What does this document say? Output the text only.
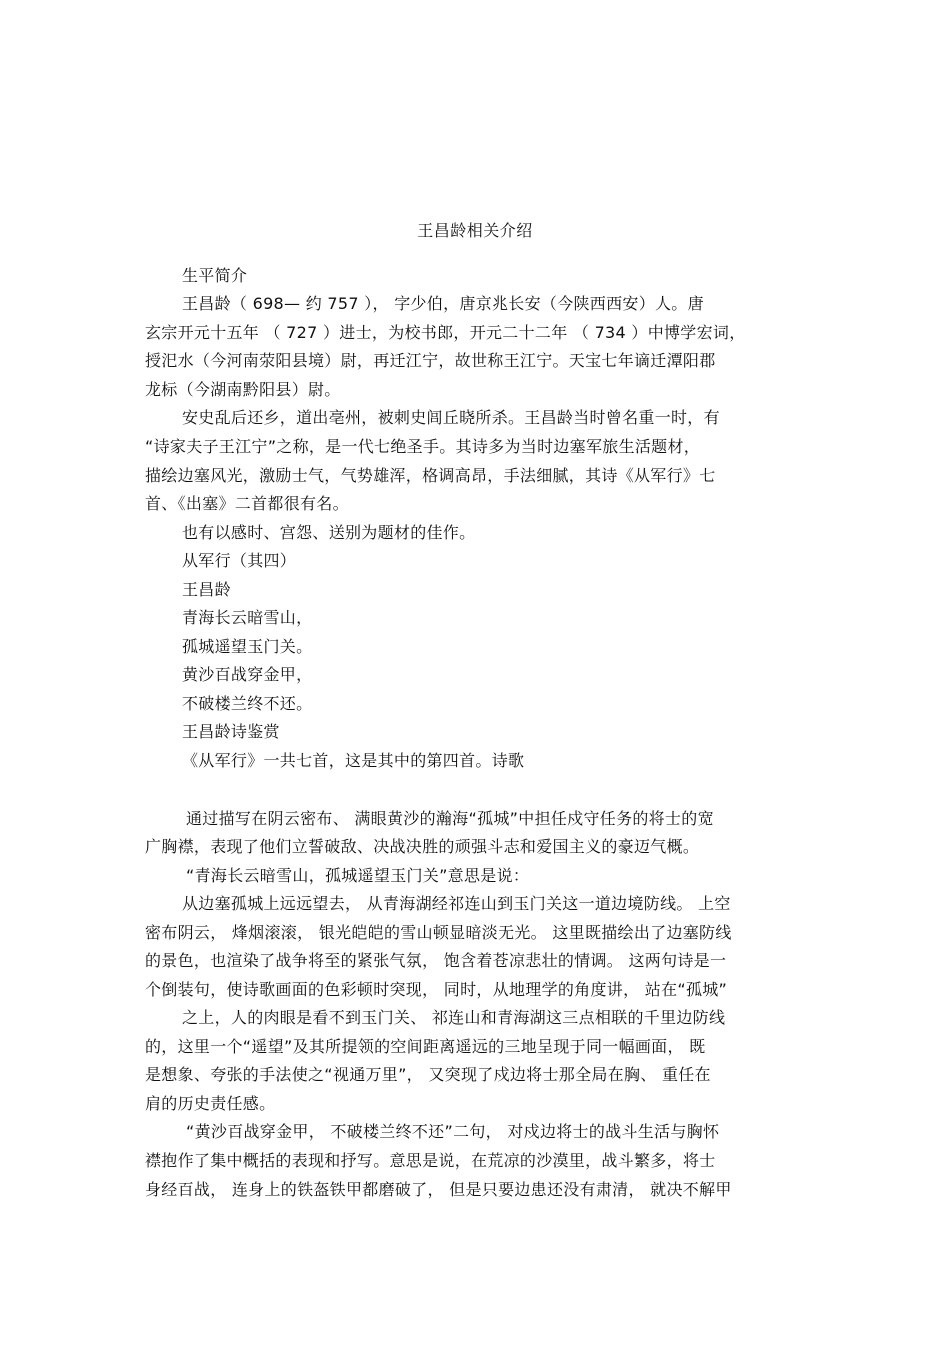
王昌龄相关介绍
生平简介
王昌龄（ 698— 约 757 ）， 字少伯，唐京兆长安（今陕西西安）人。唐
玄宗开元十五年 （ 727 ）进士，为校书郎，开元二十二年 （ 734 ）中博学宏词，
授汜水（今河南荥阳县境）尉，再迁江宁，故世称王江宁。天宝七年谪迁潭阳郡
龙标（今湖南黔阳县）尉。
安史乱后还乡，道出亳州，被刺史闾丘晓所杀。王昌龄当时曾名重一时，有
“诗家夫子王江宁”之称，是一代七绝圣手。其诗多为当时边塞军旅生活题材，
描绘边塞风光，激励士气，气势雄浑，格调高昂，手法细腻，其诗《从军行》七
首、《出塞》二首都很有名。
也有以感时、宫怨、送别为题材的佳作。
从军行（其四）
王昌龄
青海长云暗雪山，
孤城遥望玉门关。
黄沙百战穿金甲，
不破楼兰终不还。
王昌龄诗鉴赏
《从军行》一共七首，这是其中的第四首。诗歌
通过描写在阴云密布、 满眼黄沙的瀚海“孤城”中担任戍守任务的将士的宽
广胸襟，表现了他们立誓破敌、决战决胜的顽强斗志和爱国主义的豪迈气概。
“青海长云暗雪山，孤城遥望玉门关”意思是说：
从边塞孤城上远远望去， 从青海湖经祁连山到玉门关这一道边境防线。 上空
密布阴云， 烽烟滚滚， 银光皑皑的雪山顿显暗淡无光。 这里既描绘出了边塞防线
的景色，也渲染了战争将至的紧张气氛， 饱含着苍凉悲壮的情调。 这两句诗是一
个倒装句，使诗歌画面的色彩顿时突现， 同时，从地理学的角度讲， 站在“孤城”
之上，人的肉眼是看不到玉门关、 祁连山和青海湖这三点相联的千里边防线
的，这里一个“遥望”及其所提领的空间距离遥远的三地呈现于同一幅画面， 既
是想象、夸张的手法使之“视通万里”， 又突现了戍边将士那全局在胸、 重任在
肩的历史责任感。
“黄沙百战穿金甲， 不破楼兰终不还”二句， 对戍边将士的战斗生活与胸怀
襟抱作了集中概括的表现和抒写。意思是说，在荒凉的沙漠里，战斗繁多，将士
身经百战， 连身上的铁盔铁甲都磨破了， 但是只要边患还没有肃清， 就决不解甲
